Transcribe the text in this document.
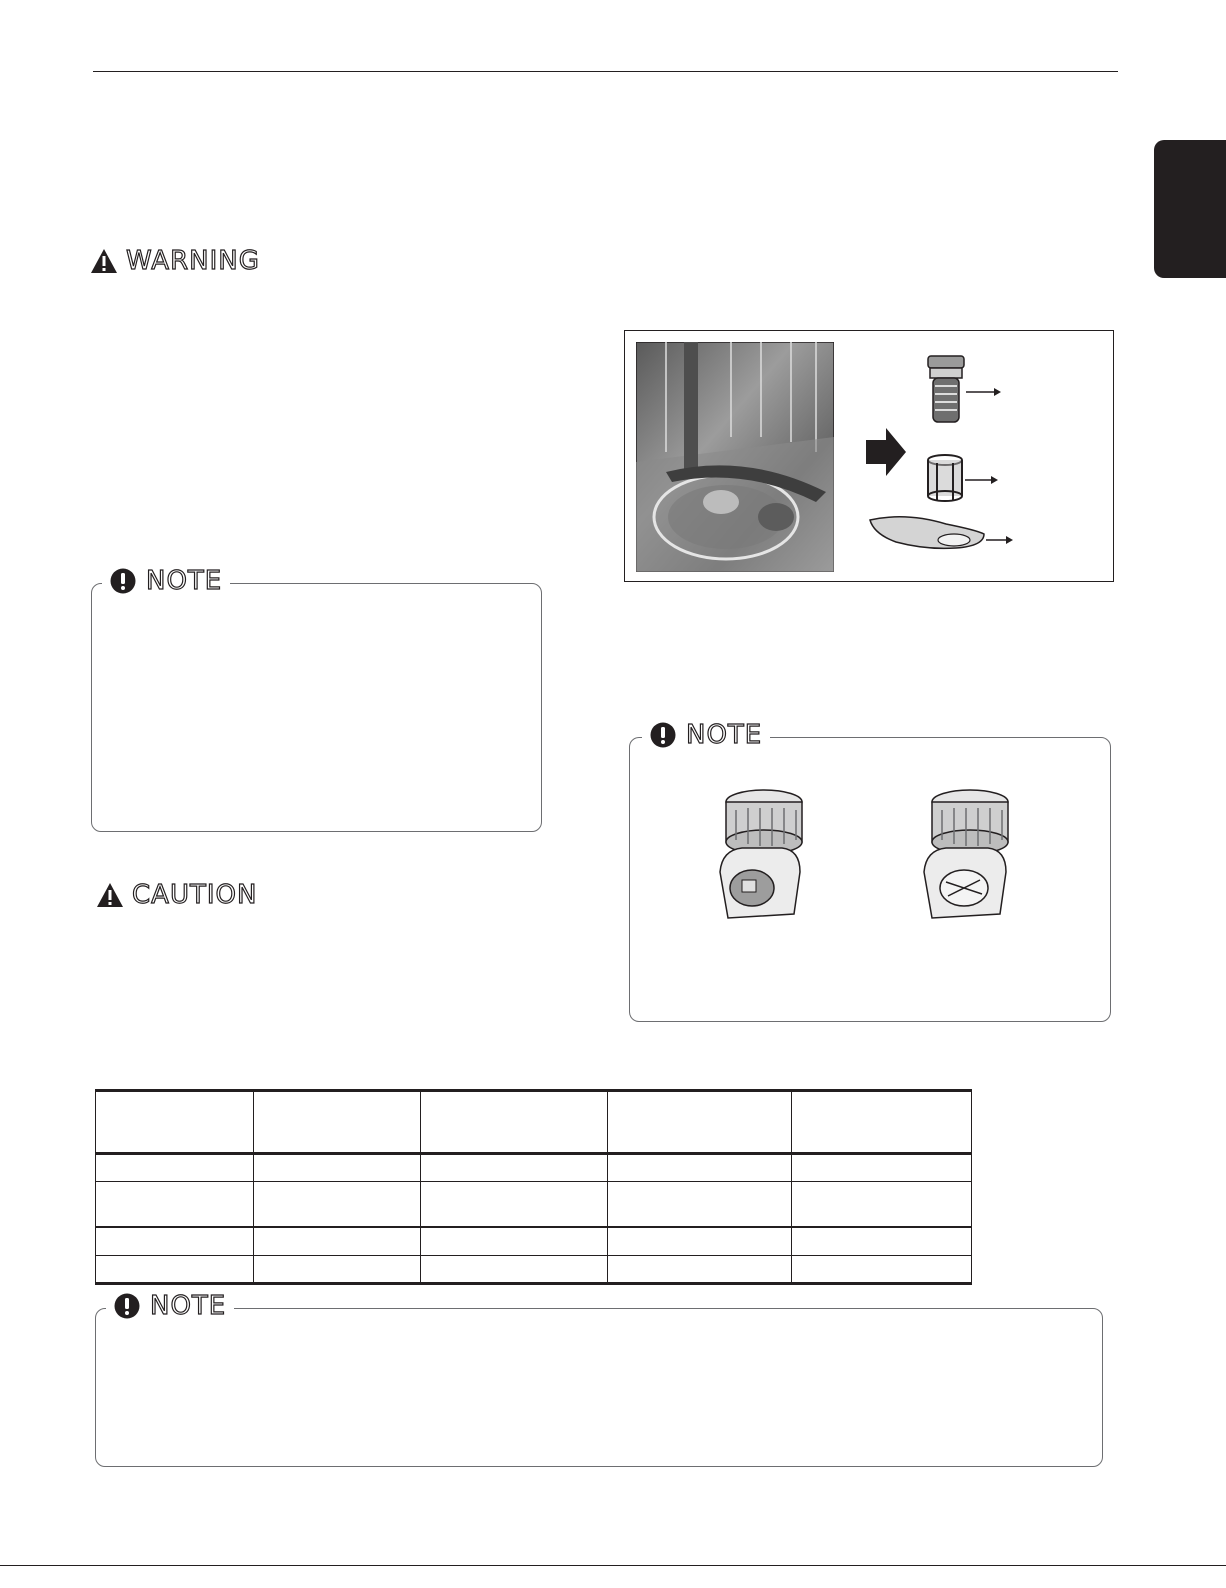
WARNING
NOTE
CAUTION
NOTE

NOTE
